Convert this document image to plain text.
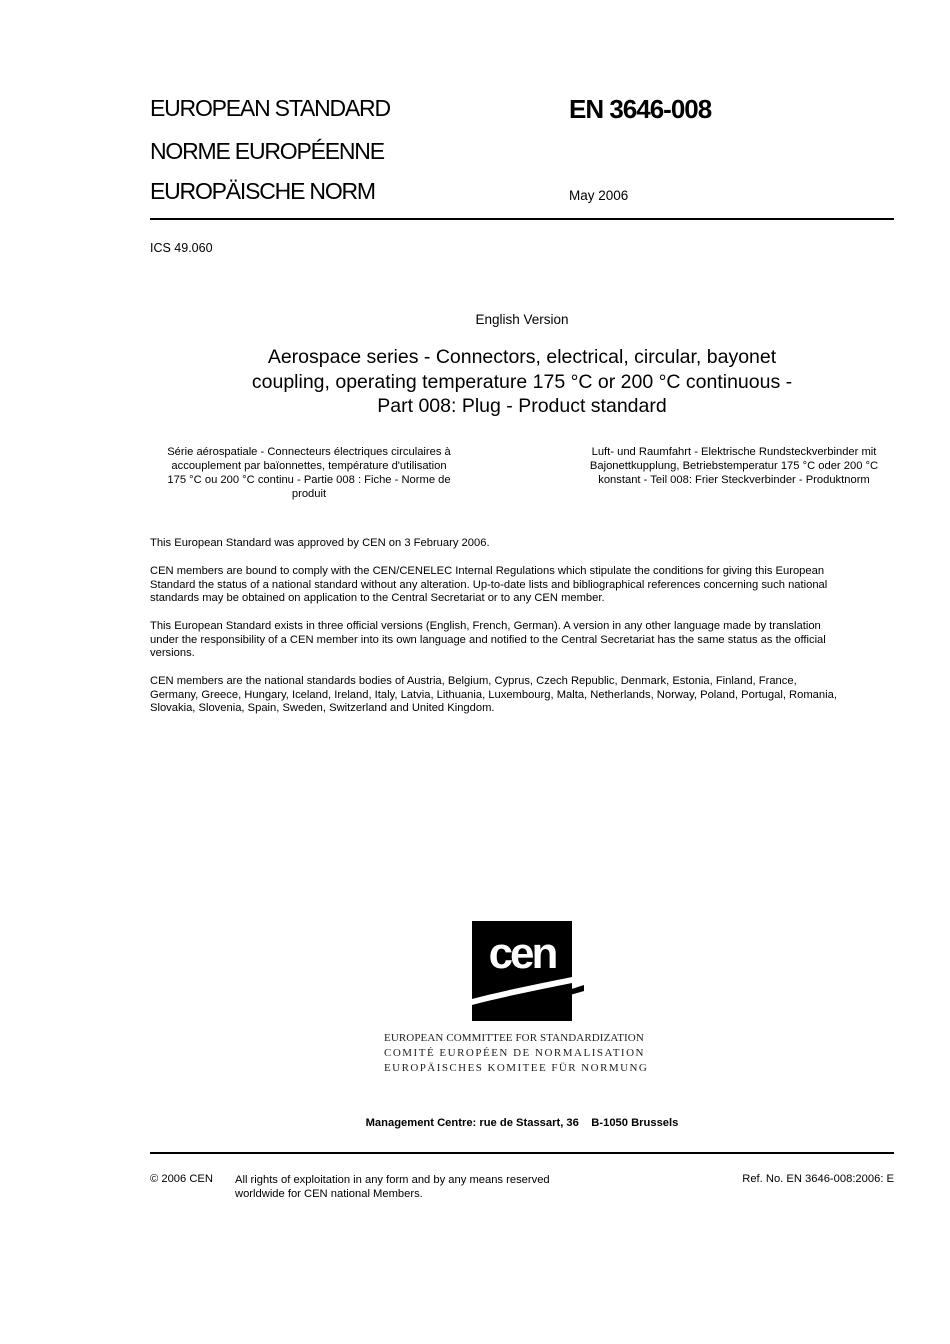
EUROPEAN STANDARD
NORME EUROPÉENNE
EUROPÄISCHE NORM
EN 3646-008
May 2006
ICS 49.060
English Version
Aerospace series - Connectors, electrical, circular, bayonet
coupling, operating temperature 175 °C or 200 °C continuous -
Part 008: Plug - Product standard
Série aérospatiale - Connecteurs électriques circulaires à
accouplement par baïonnettes, température d'utilisation
175 °C ou 200 °C continu - Partie 008 : Fiche - Norme de
produit
Luft- und Raumfahrt - Elektrische Rundsteckverbinder mit
Bajonettkupplung, Betriebstemperatur 175 °C oder 200 °C
konstant - Teil 008: Frier Steckverbinder - Produktnorm
This European Standard was approved by CEN on 3 February 2006.
CEN members are bound to comply with the CEN/CENELEC Internal Regulations which stipulate the conditions for giving this European
Standard the status of a national standard without any alteration. Up-to-date lists and bibliographical references concerning such national
standards may be obtained on application to the Central Secretariat or to any CEN member.
This European Standard exists in three official versions (English, French, German). A version in any other language made by translation
under the responsibility of a CEN member into its own language and notified to the Central Secretariat has the same status as the official
versions.
CEN members are the national standards bodies of Austria, Belgium, Cyprus, Czech Republic, Denmark, Estonia, Finland, France,
Germany, Greece, Hungary, Iceland, Ireland, Italy, Latvia, Lithuania, Luxembourg, Malta, Netherlands, Norway, Poland, Portugal, Romania,
Slovakia, Slovenia, Spain, Sweden, Switzerland and United Kingdom.
cen
EUROPEAN COMMITTEE FOR STANDARDIZATION
COMITÉ EUROPÉEN DE NORMALISATION
EUROPÄISCHES KOMITEE FÜR NORMUNG
Management Centre: rue de Stassart, 36    B-1050 Brussels
© 2006 CEN All rights of exploitation in any form and by any means reserved
worldwide for CEN national Members.
Ref. No. EN 3646-008:2006: E
